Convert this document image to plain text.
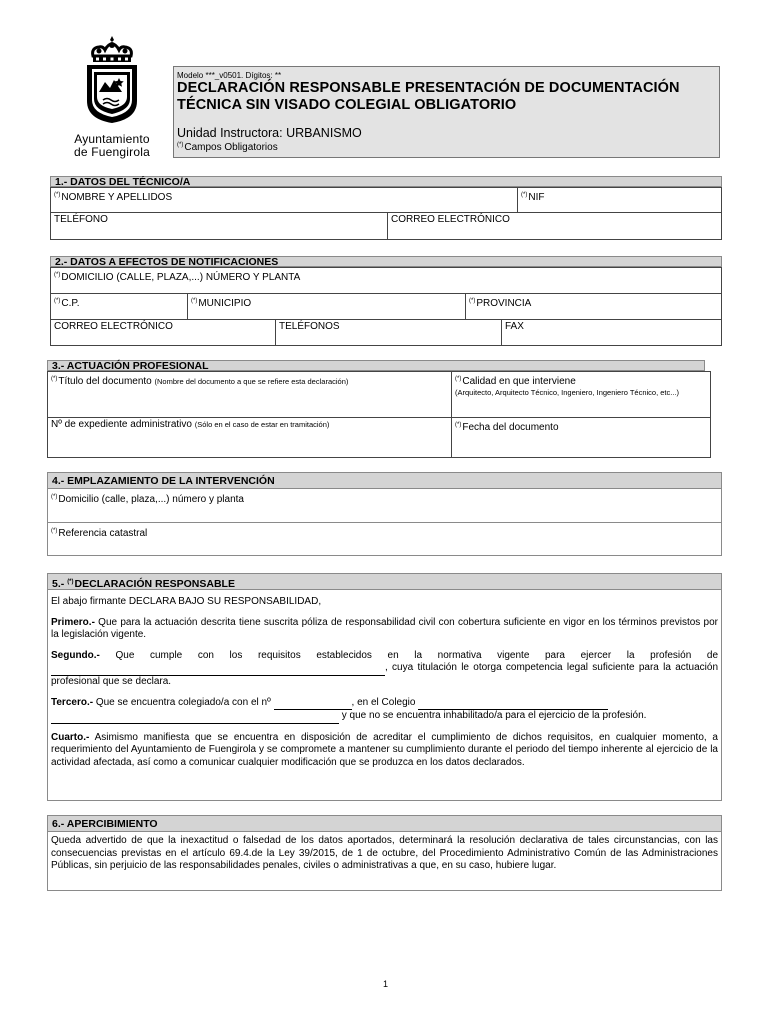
Ayuntamiento
de Fuengirola
Modelo ***_v0501. Dígitos: **
DECLARACIÓN RESPONSABLE PRESENTACIÓN DE DOCUMENTACIÓN TÉCNICA SIN VISADO COLEGIAL OBLIGATORIO
Unidad Instructora: URBANISMO
(*)Campos Obligatorios
1.- DATOS DEL TÉCNICO/A
(*)NOMBRE Y APELLIDOS	(*)NIF
TELÉFONO	CORREO ELECTRÓNICO
2.- DATOS A EFECTOS DE NOTIFICACIONES
(*)DOMICILIO (CALLE, PLAZA,...) NÚMERO Y PLANTA
(*)C.P.	(*)MUNICIPIO	(*)PROVINCIA
CORREO ELECTRÓNICO	TELÉFONOS	FAX
3.- ACTUACIÓN PROFESIONAL
(*)Título del documento (Nombre del documento a que se refiere esta declaración)	(*)Calidad en que interviene
(Arquitecto, Arquitecto Técnico, Ingeniero, Ingeniero Técnico, etc...)
Nº de expediente administrativo (Sólo en el caso de estar en tramitación)	(*)Fecha del documento
4.- EMPLAZAMIENTO DE LA INTERVENCIÓN
(*)Domicilio (calle, plaza,...) número y planta
(*)Referencia catastral
5.- (*)DECLARACIÓN RESPONSABLE
El abajo firmante DECLARA BAJO SU RESPONSABILIDAD,
Primero.- Que para la actuación descrita tiene suscrita póliza de responsabilidad civil con cobertura suficiente en vigor en los términos previstos por la legislación vigente.
Segundo.- Que cumple con los requisitos establecidos en la normativa vigente para ejercer la profesión de  , cuya titulación le otorga competencia legal suficiente para la actuación profesional que se declara.
Tercero.- Que se encuentra colegiado/a con el nº	, en el Colegio
y que no se encuentra inhabilitado/a para el ejercicio de la profesión.
Cuarto.- Asimismo manifiesta que se encuentra en disposición de acreditar el cumplimiento de dichos requisitos, en cualquier momento, a requerimiento del Ayuntamiento de Fuengirola y se compromete a mantener su cumplimiento durante el periodo del tiempo inherente al ejercicio de la actividad afectada, así como a comunicar cualquier modificación que se produzca en los datos declarados.
6.- APERCIBIMIENTO
Queda advertido de que la inexactitud o falsedad de los datos aportados, determinará la resolución declarativa de tales circunstancias, con las consecuencias previstas en el artículo 69.4.de la Ley 39/2015, de 1 de octubre, del Procedimiento Administrativo Común de las Administraciones Públicas, sin perjuicio de las responsabilidades penales, civiles o administrativas a que, en su caso, hubiere lugar.
1
